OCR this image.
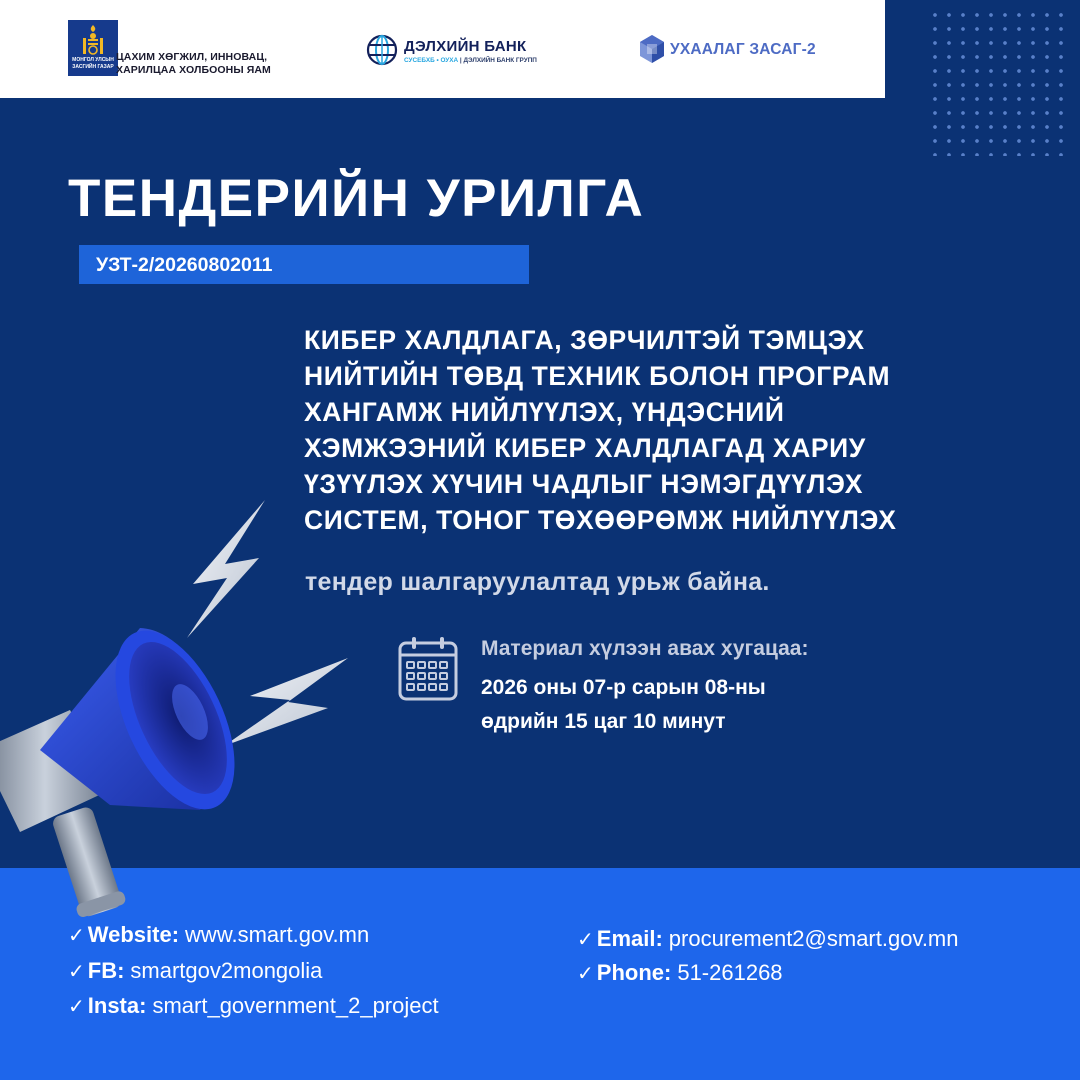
МОНГОЛ УЛСЫН ЗАСГИЙН ГАЗАР
ЦАХИМ ХӨГЖИЛ, ИННОВАЦ,
ХАРИЛЦАА ХОЛБООНЫ ЯАМ
ДЭЛХИЙН БАНК
СУСЕБХБ • ОУХА | ДЭЛХИЙН БАНК ГРУПП
УХААЛАГ ЗАСАГ-2
ТЕНДЕРИЙН УРИЛГА
УЗТ-2/20260802011
КИБЕР ХАЛДЛАГА, ЗӨРЧИЛТЭЙ ТЭМЦЭХ
НИЙТИЙН ТӨВД ТЕХНИК БОЛОН ПРОГРАМ
ХАНГАМЖ НИЙЛҮҮЛЭХ, ҮНДЭСНИЙ
ХЭМЖЭЭНИЙ КИБЕР ХАЛДЛАГАД ХАРИУ
ҮЗҮҮЛЭХ ХҮЧИН ЧАДЛЫГ НЭМЭГДҮҮЛЭХ
СИСТЕМ, ТОНОГ ТӨХӨӨРӨМЖ НИЙЛҮҮЛЭХ
тендер шалгаруулалтад урьж байна.
Материал хүлээн авах хугацаа:
2026 оны 07-р сарын 08-ны
өдрийн 15 цаг 10 минут
✓ Website: www.smart.gov.mn
✓ FB: smartgov2mongolia
✓ Insta: smart_government_2_project
✓ Email: procurement2@smart.gov.mn
✓ Phone: 51-261268
